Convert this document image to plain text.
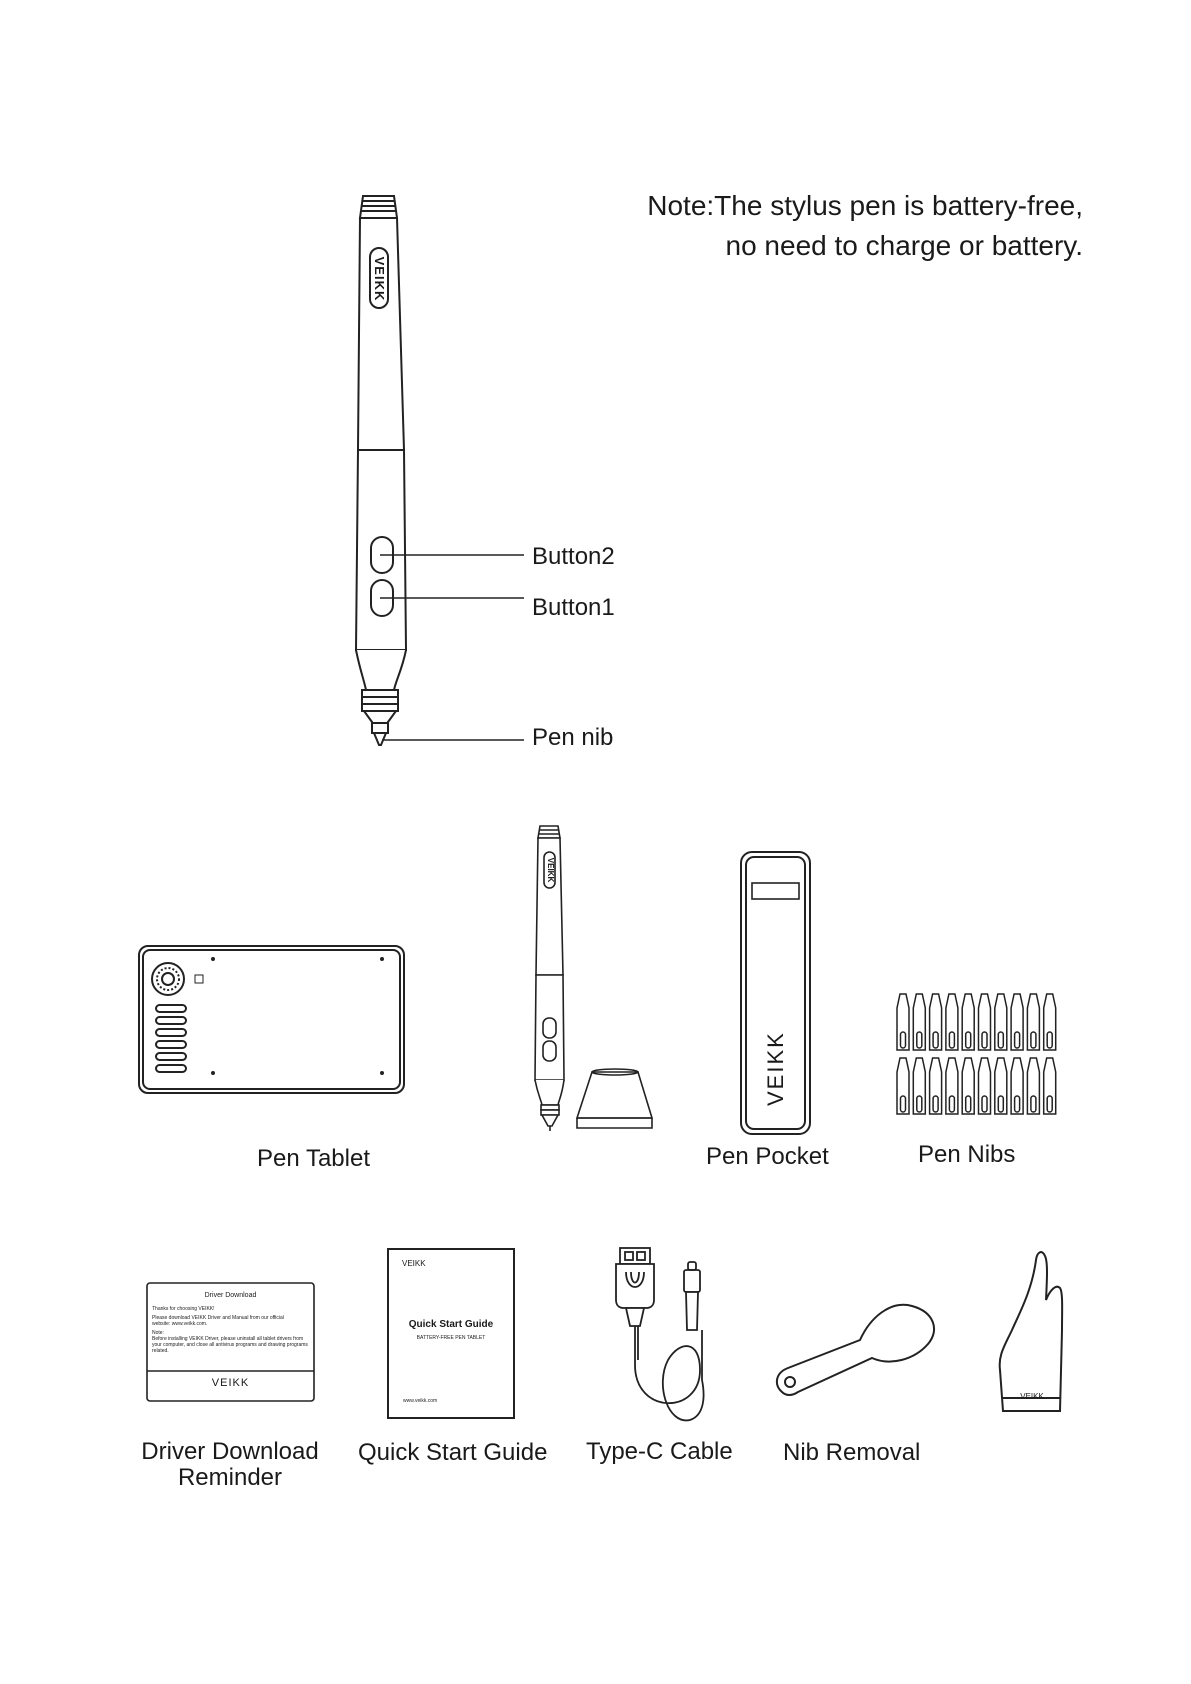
Note:The stylus pen is battery-free,
no need to charge or battery.
VEIKK
VEIKK
VEIKK
VEIKK
Button2
Button1
Pen nib
Pen Tablet	Pen Pocket	Pen Nibs
Driver Download
Thanks for choosing VEIKK!
Please download VEIKK Driver and Manual from our official
website: www.veikk.com.
Note:
Before installing VEIKK Driver, please uninstall all tablet drivers from your computer, and close all antivirus programs and drawing programs related.
VEIKK
VEIKK
Quick Start Guide
BATTERY-FREE PEN TABLET
www.veikk.com
Driver Download
Reminder
Quick Start Guide Type-C Cable Nib Removal
